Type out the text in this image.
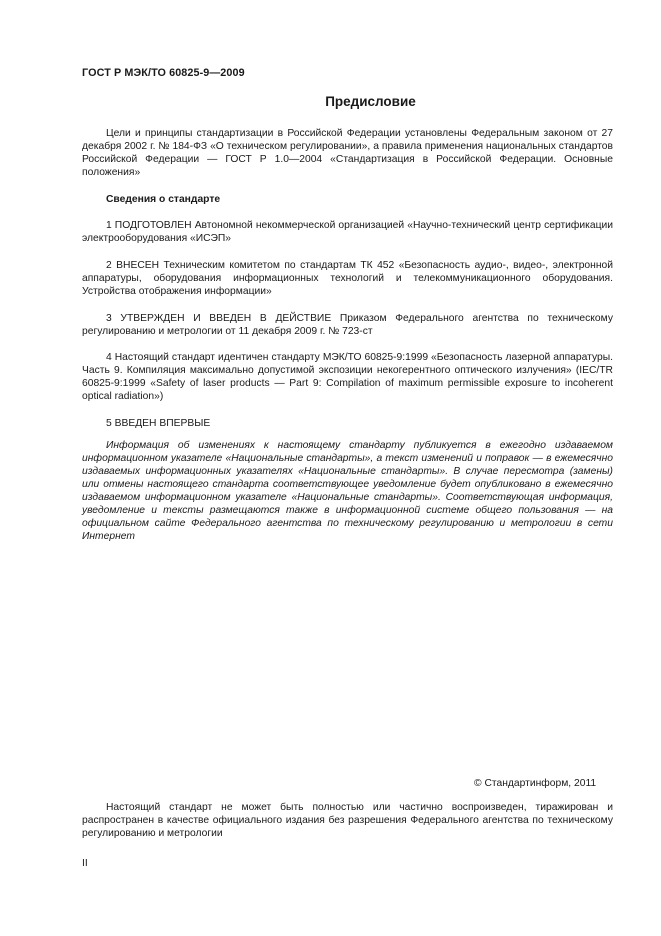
ГОСТ Р МЭК/ТО 60825-9—2009
Предисловие

Цели и принципы стандартизации в Российской Федерации установлены Федеральным законом от 27 декабря 2002 г. № 184-ФЗ «О техническом регулировании», а правила применения национальных стандартов Российской Федерации — ГОСТ Р 1.0—2004 «Стандартизация в Российской Федерации. Основные положения»

Сведения о стандарте

1 ПОДГОТОВЛЕН Автономной некоммерческой организацией «Научно-технический центр сертификации электрооборудования «ИСЭП»

2 ВНЕСЕН Техническим комитетом по стандартам ТК 452 «Безопасность аудио-, видео-, электронной аппаратуры, оборудования информационных технологий и телекоммуникационного оборудования. Устройства отображения информации»

3 УТВЕРЖДЕН И ВВЕДЕН В ДЕЙСТВИЕ Приказом Федерального агентства по техническому регулированию и метрологии от 11 декабря 2009 г. № 723-ст

4 Настоящий стандарт идентичен стандарту МЭК/ТО 60825-9:1999 «Безопасность лазерной аппаратуры. Часть 9. Компиляция максимально допустимой экспозиции некогерентного оптического излучения» (IEC/TR 60825-9:1999 «Safety of laser products — Part 9: Compilation of maximum permissible exposure to incoherent optical radiation»)

5 ВВЕДЕН ВПЕРВЫЕ

Информация об изменениях к настоящему стандарту публикуется в ежегодно издаваемом информационном указателе «Национальные стандарты», а текст изменений и поправок — в ежемесячно издаваемых информационных указателях «Национальные стандарты». В случае пересмотра (замены) или отмены настоящего стандарта соответствующее уведомление будет опубликовано в ежемесячно издаваемом информационном указателе «Национальные стандарты». Соответствующая информация, уведомление и тексты размещаются также в информационной системе общего пользования — на официальном сайте Федерального агентства по техническому регулированию и метрологии в сети Интернет

© Стандартинформ, 2011

Настоящий стандарт не может быть полностью или частично воспроизведен, тиражирован и распространен в качестве официального издания без разрешения Федерального агентства по техническому регулированию и метрологии

II
